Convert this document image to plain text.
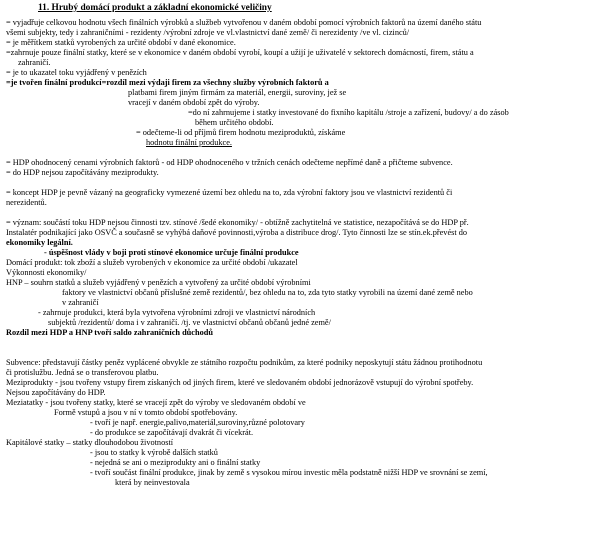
11. Hrubý domácí produkt a základní ekonomické veličiny
= vyjadřuje celkovou hodnotu všech finálních výrobků a službeb vytvořenou v daném období pomocí výrobních faktorů na území daného státu
všemi subjekty, tedy i zahraničními - rezidenty /výrobní zdroje ve vl.vlastnictví dané země/ či nerezidenty /ve vl. cizinců/
= je měřítkem statků vyrobených za určité období v dané ekonomice.
=zahrnuje pouze finální statky, které se v ekonomice v daném období vyrobí, koupí a užijí je uživatelé v sektorech domácností, firem, státu a
zahraničí.
= je to ukazatel toku vyjádřený v penězích
=je tvořen finální produkcí=rozdíl mezi výdaji firem za všechny služby výrobních faktorů a
platbami firem jiným firmám za materiál, energii, suroviny, jež se
vracejí v daném období zpět do výroby.
=do ní zahrnujeme i statky investované do fixního kapitálu /stroje a zařízení, budovy/ a do zásob
během určitého období.
= odečteme-li od příjmů firem hodnotu meziproduktů, získáme
hodnotu finální produkce.
= HDP ohodnocený cenami výrobních faktorů - od HDP ohodnoceného v tržních cenách odečteme nepřímé daně a přičteme subvence.
= do HDP nejsou započítávány meziprodukty.
= koncept HDP je pevně vázaný na geograficky vymezené území bez ohledu na to, zda výrobní faktory jsou ve vlastnictví rezidentů či
nerezidentů.
= význam: součástí toku HDP nejsou činnosti tzv. stínové /šedé ekonomiky/ - obtížně zachytitelná ve statistice, nezapočítává se do HDP př.
Instalatér podnikající jako OSVČ a současně se vyhýbá daňové povinnosti,výroba a distribuce drog/. Tyto činnosti lze se stín.ek.převést do
ekonomiky legální.
- úspěšnost vlády v boji proti stínové ekonomice určuje finální produkce
Domácí produkt: tok zboží a služeb vyrobených v ekonomice za určité období /ukazatel
Výkonnosti ekonomiky/
HNP – souhrn statků a služeb vyjádřený v penězích a vytvořený za určité období výrobními
faktory ve vlastnictví občanů příslušné země rezidentů/, bez ohledu na to, zda tyto statky vyrobili na území dané země nebo
v zahraničí
- zahrnuje produkci, která byla vytvořena výrobními zdroji ve vlastnictví národních
subjektů /rezidentů/ doma i v zahraničí. /tj. ve vlastnictví občanů občanů jedné země/
Rozdíl mezi HDP a HNP tvoří saldo zahraničních důchodů
Subvence: představují částky peněz vyplácené obvykle ze státního rozpočtu podnikům, za které podniky neposkytují státu žádnou protihodnotu
či protislužbu. Jedná se o transferovou platbu.
Meziprodukty - jsou tvořeny vstupy firem získaných od jiných firem, které ve sledovaném období jednorázově vstupují do výrobní spotřeby.
Nejsou započítávány do HDP.
Meziatatky - jsou tvořeny statky, které se vracejí zpět do výroby ve sledovaném období ve
Formě vstupů a jsou v ní v tomto období spotřebovány.
- tvoří je např. energie,palivo,materiál,suroviny,různé polotovary
- do produkce se započítávají dvakrát či vícekrát.
Kapitálové statky – statky dlouhodobou životností
- jsou to statky k výrobě dalších statků
- nejedná se ani o meziprodukty ani o finální statky
- tvoří součást finální produkce, jinak by země s vysokou mírou investic měla podstatně nižší HDP ve srovnání se zemí,
která by neinvestovala
